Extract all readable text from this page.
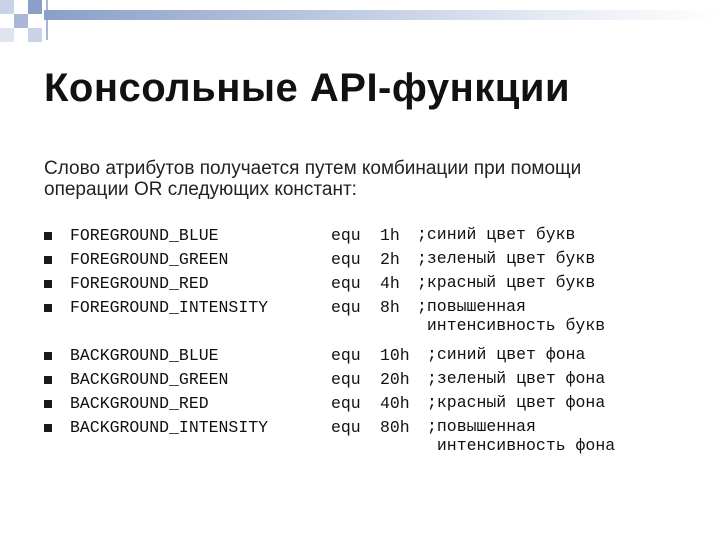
Консольные API-функции
Слово атрибутов получается путем комбинации при помощи операции OR следующих констант:
FOREGROUND_BLUE	equ 1h ;синий цвет букв
FOREGROUND_GREEN	equ 2h ;зеленый цвет букв
FOREGROUND_RED	equ 4h ;красный цвет букв
FOREGROUND_INTENSITY	equ 8h ;повышенная
интенсивность букв
BACKGROUND_BLUE	equ 10h ;синий цвет фона
BACKGROUND_GREEN	equ 20h ;зеленый цвет фона
BACKGROUND_RED	equ 40h ;красный цвет фона
BACKGROUND_INTENSITY	equ 80h ;повышенная
интенсивность фона
